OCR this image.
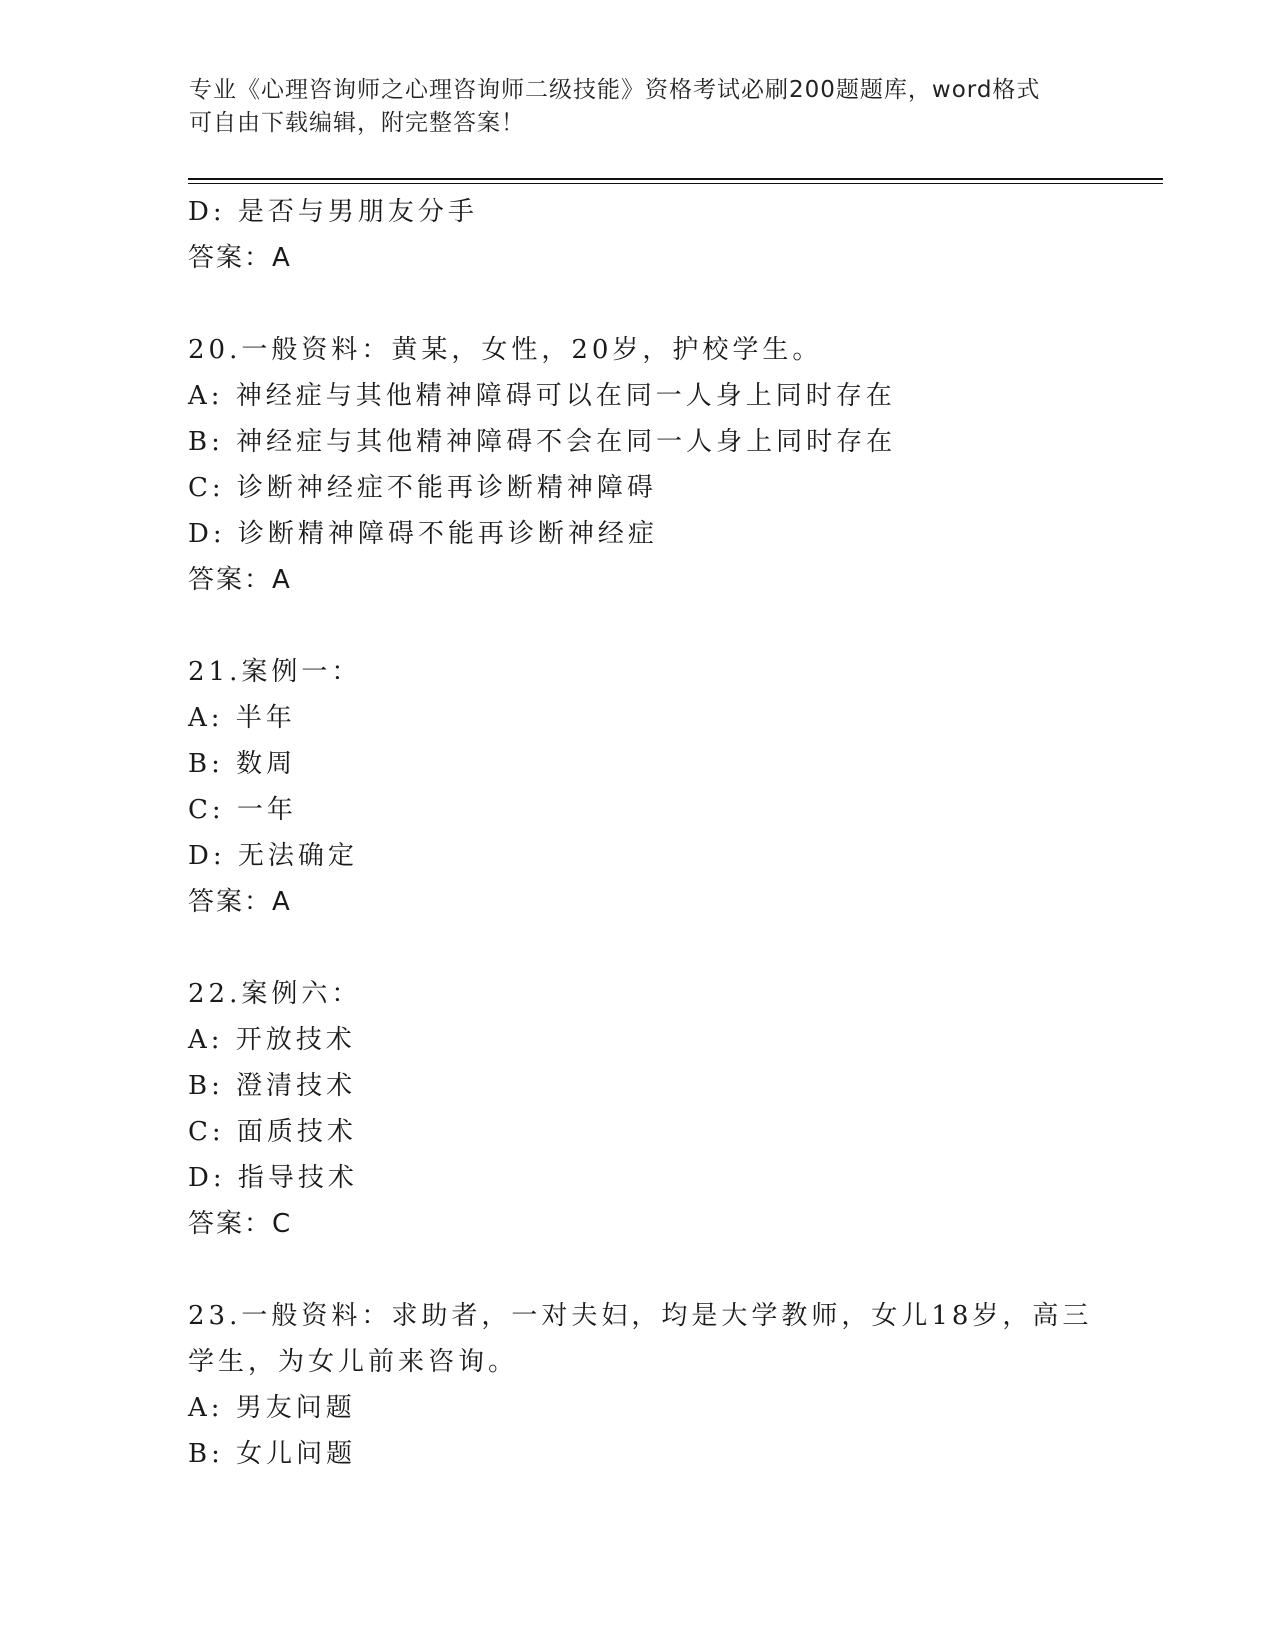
专业《心理咨询师之心理咨询师二级技能》资格考试必刷200题题库，word格式
可自由下载编辑，附完整答案！
D: 是否与男朋友分手
答案：A
20.一般资料：黄某，女性，20岁，护校学生。
A: 神经症与其他精神障碍可以在同一人身上同时存在
B: 神经症与其他精神障碍不会在同一人身上同时存在
C: 诊断神经症不能再诊断精神障碍
D: 诊断精神障碍不能再诊断神经症
答案：A
21.案例一：
A: 半年
B: 数周
C: 一年
D: 无法确定
答案：A
22.案例六：
A: 开放技术
B: 澄清技术
C: 面质技术
D: 指导技术
答案：C
23.一般资料：求助者，一对夫妇，均是大学教师，女儿18岁，高三
学生，为女儿前来咨询。
A: 男友问题
B: 女儿问题
